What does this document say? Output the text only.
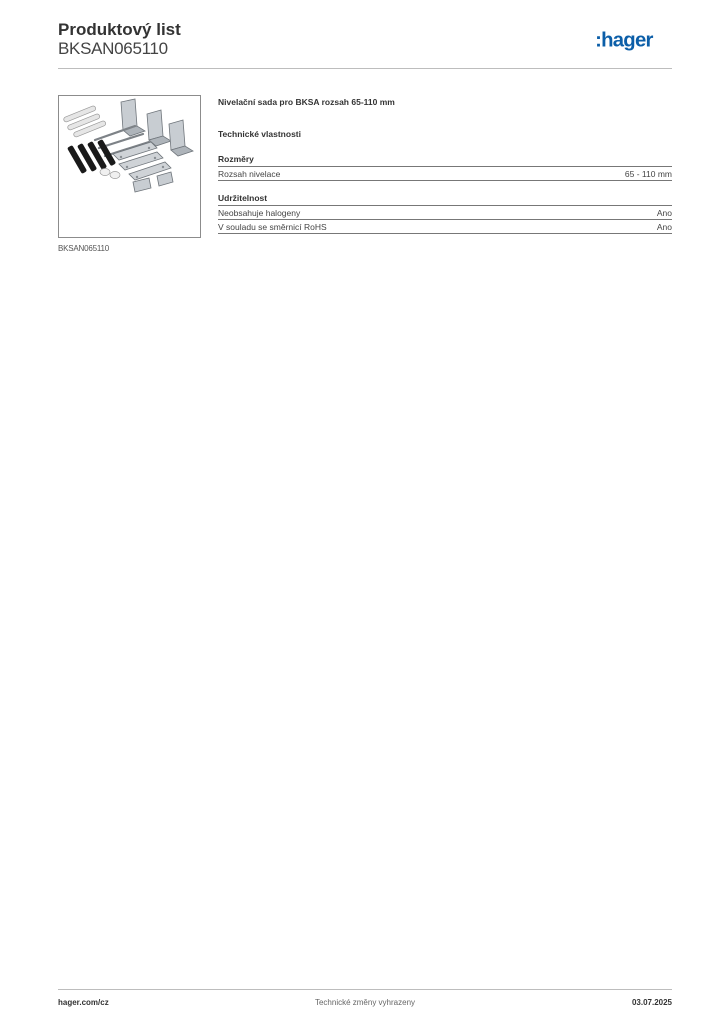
Produktový list
BKSAN065110	:hager
BKSAN065110
Nivelační sada pro BKSA rozsah 65-110 mm
Technické vlastnosti
Rozměry
Rozsah nivelace	65 - 110 mm
Udržitelnost
Neobsahuje halogeny	Ano
V souladu se směrnicí RoHS	Ano
Technické změny vyhrazeny
hager.com/cz	03.07.2025
